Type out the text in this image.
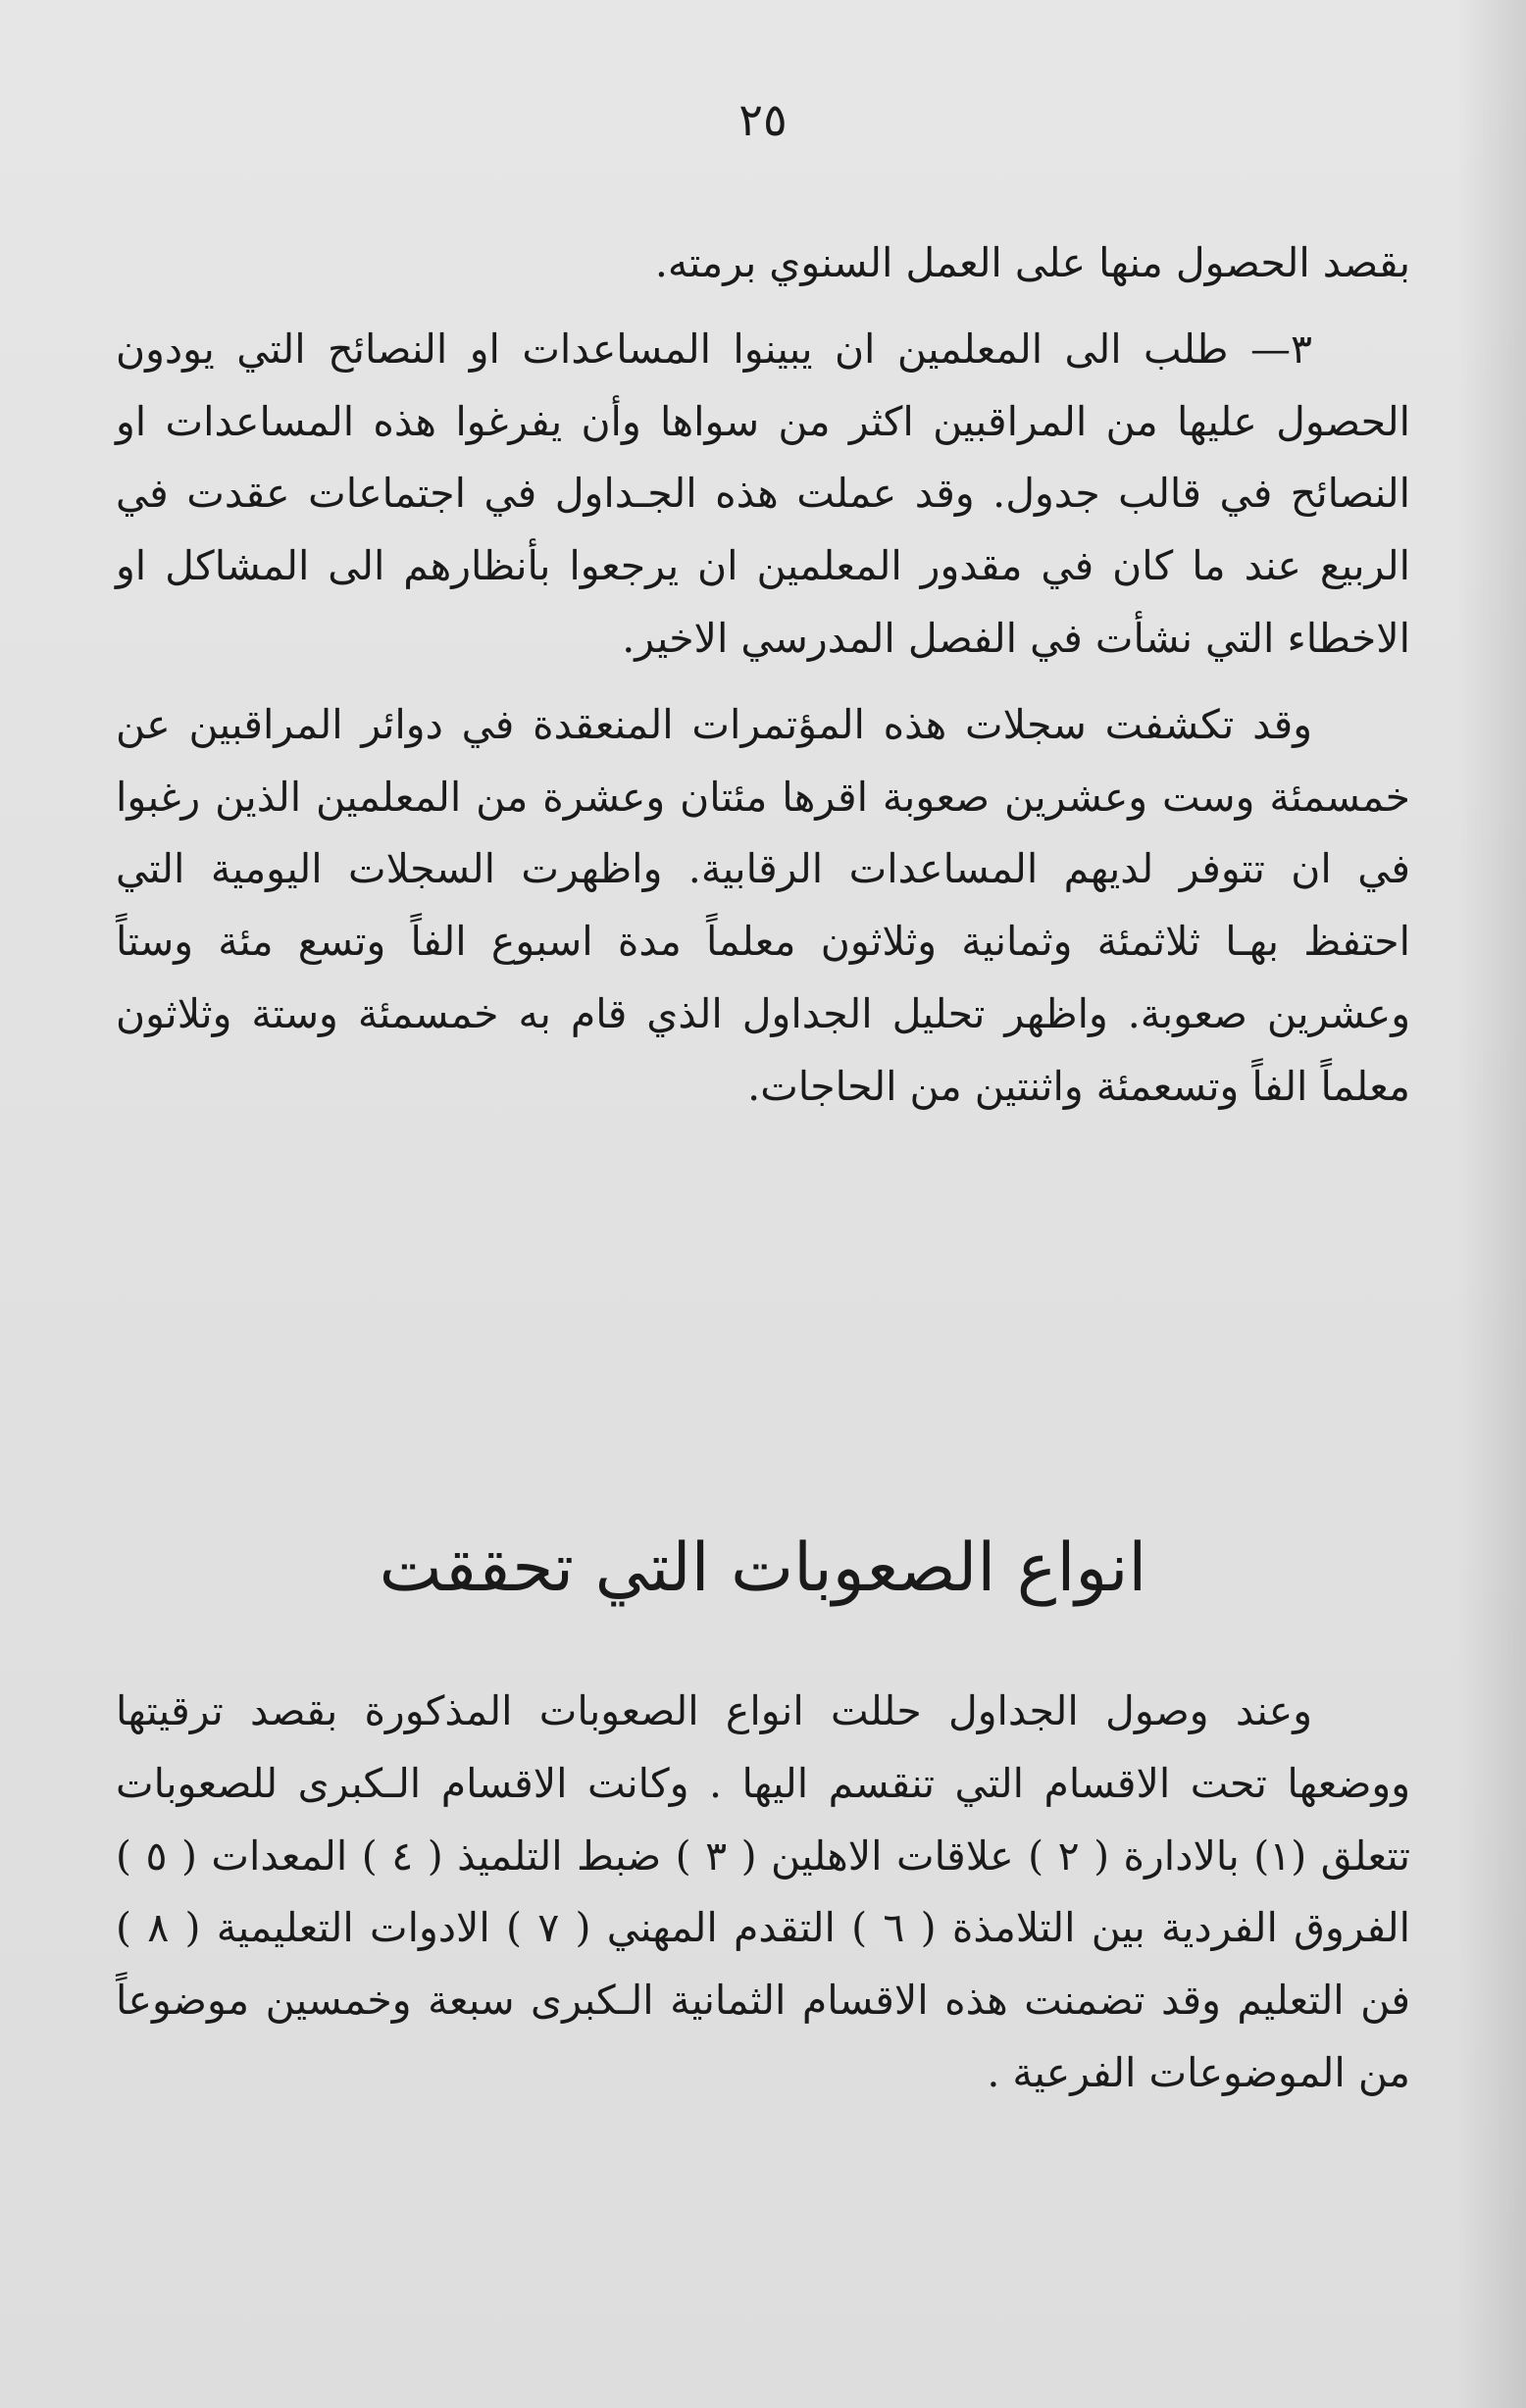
٢٥

بقصد الحصول منها على العمل السنوي برمته.

٣— طلب الى المعلمين ان يبينوا المساعدات او النصائح التي يودون الحصول عليها من المراقبين اكثر من سواها وأن يفرغوا هذه المساعدات او النصائح في قالب جدول. وقد عملت هذه الجـداول في اجتماعات عقدت في الربيع عند ما كان في مقدور المعلمين ان يرجعوا بأنظارهم الى المشاكل او الاخطاء التي نشأت في الفصل المدرسي الاخير.

وقد تكشفت سجلات هذه المؤتمرات المنعقدة في دوائر المراقبين عن خمسمئة وست وعشرين صعوبة اقرها مئتان وعشرة من المعلمين الذين رغبوا في ان تتوفر لديهم المساعدات الرقابية. واظهرت السجلات اليومية التي احتفظ بهـا ثلاثمئة وثمانية وثلاثون معلماً مدة اسبوع الفاً وتسع مئة وستاً وعشرين صعوبة. واظهر تحليل الجداول الذي قام به خمسمئة وستة وثلاثون معلماً الفاً وتسعمئة واثنتين من الحاجات.

انواع الصعوبات التي تحققت

وعند وصول الجداول حللت انواع الصعوبات المذكورة بقصد ترقيتها ووضعها تحت الاقسام التي تنقسم اليها . وكانت الاقسام الـكبرى للصعوبات تتعلق (١) بالادارة ( ٢ ) علاقات الاهلين ( ٣ ) ضبط التلميذ ( ٤ ) المعدات ( ٥ ) الفروق الفردية بين التلامذة ( ٦ ) التقدم المهني ( ٧ ) الادوات التعليمية ( ٨ ) فن التعليم وقد تضمنت هذه الاقسام الثمانية الـكبرى سبعة وخمسين موضوعاً من الموضوعات الفرعية .
